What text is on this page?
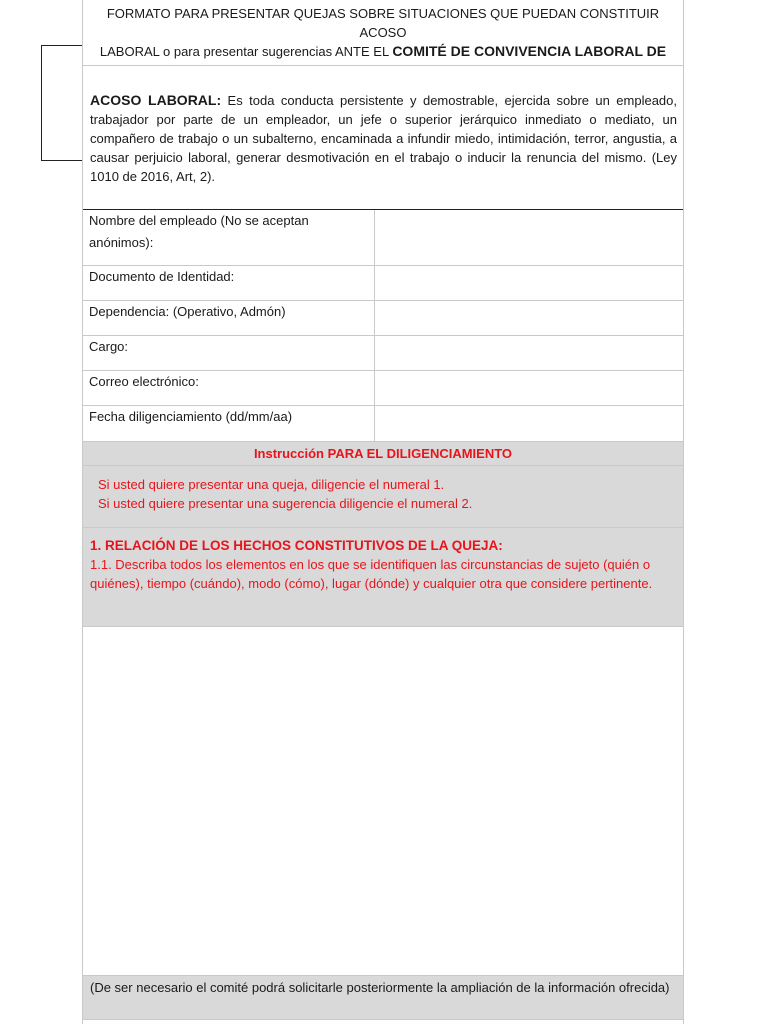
FORMATO PARA PRESENTAR QUEJAS SOBRE SITUACIONES QUE PUEDAN CONSTITUIR ACOSO
LABORAL o para presentar sugerencias ANTE EL COMITÉ DE CONVIVENCIA LABORAL DE
ACOSO LABORAL: Es toda conducta persistente y demostrable, ejercida sobre un empleado, trabajador por parte de un empleador, un jefe o superior jerárquico inmediato o mediato, un compañero de trabajo o un subalterno, encaminada a infundir miedo, intimidación, terror, angustia, a causar perjuicio laboral, generar desmotivación en el trabajo o inducir la renuncia del mismo. (Ley 1010 de 2016, Art, 2).
Nombre del empleado (No se aceptan anónimos):
Documento de Identidad:
Dependencia: (Operativo, Admón)
Cargo:
Correo electrónico:
Fecha diligenciamiento (dd/mm/aa)
Instrucción PARA EL DILIGENCIAMIENTO
Si usted quiere presentar una queja, diligencie el numeral 1.
Si usted quiere presentar una sugerencia diligencie el numeral 2.
1. RELACIÓN DE LOS HECHOS CONSTITUTIVOS DE LA QUEJA:
1.1. Describa todos los elementos en los que se identifiquen las circunstancias de sujeto (quién o quiénes), tiempo (cuándo), modo (cómo), lugar (dónde) y cualquier otra que considere pertinente.
(De ser necesario el comité podrá solicitarle posteriormente la ampliación de la información ofrecida)
